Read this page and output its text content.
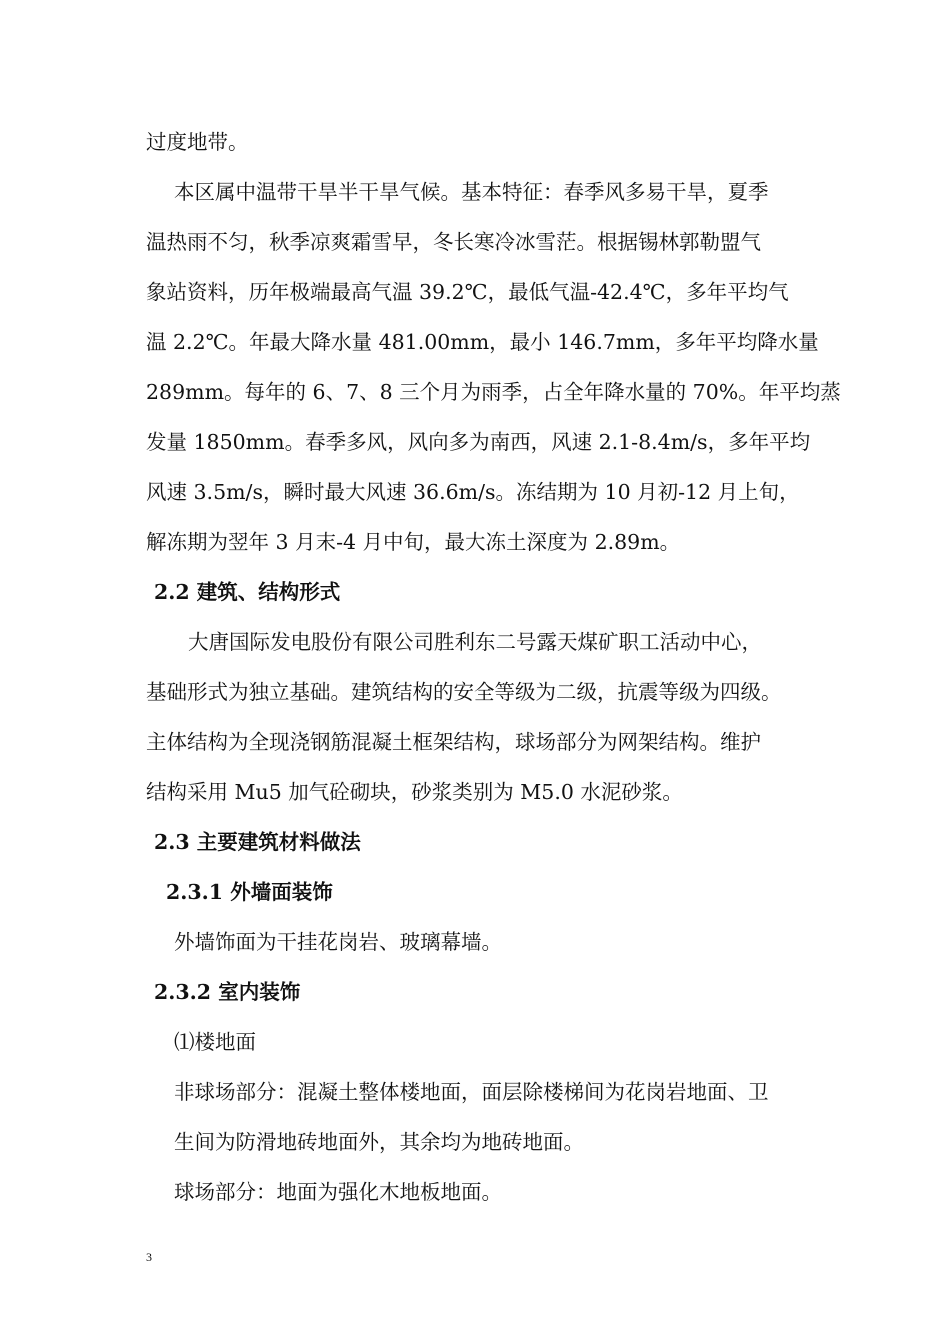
过度地带。
本区属中温带干旱半干旱气候。基本特征：春季风多易干旱，夏季
温热雨不匀，秋季凉爽霜雪早，冬长寒冷冰雪茫。根据锡林郭勒盟气
象站资料，历年极端最高气温 39.2℃，最低气温-42.4℃，多年平均气
温 2.2℃。年最大降水量 481.00mm，最小 146.7mm，多年平均降水量
289mm。每年的 6、7、8 三个月为雨季，占全年降水量的 70%。年平均蒸
发量 1850mm。春季多风，风向多为南西，风速 2.1-8.4m/s，多年平均
风速 3.5m/s，瞬时最大风速 36.6m/s。冻结期为 10 月初-12 月上旬，
解冻期为翌年 3 月末-4 月中旬，最大冻土深度为 2.89m。
2.2 建筑、结构形式
大唐国际发电股份有限公司胜利东二号露天煤矿职工活动中心，
基础形式为独立基础。建筑结构的安全等级为二级，抗震等级为四级。
主体结构为全现浇钢筋混凝土框架结构，球场部分为网架结构。维护
结构采用 Mu5 加气砼砌块，砂浆类别为 M5.0 水泥砂浆。
2.3 主要建筑材料做法
2.3.1 外墙面装饰
外墙饰面为干挂花岗岩、玻璃幕墙。
2.3.2 室内装饰
⑴楼地面
非球场部分：混凝土整体楼地面，面层除楼梯间为花岗岩地面、卫
生间为防滑地砖地面外，其余均为地砖地面。
球场部分：地面为强化木地板地面。
3
